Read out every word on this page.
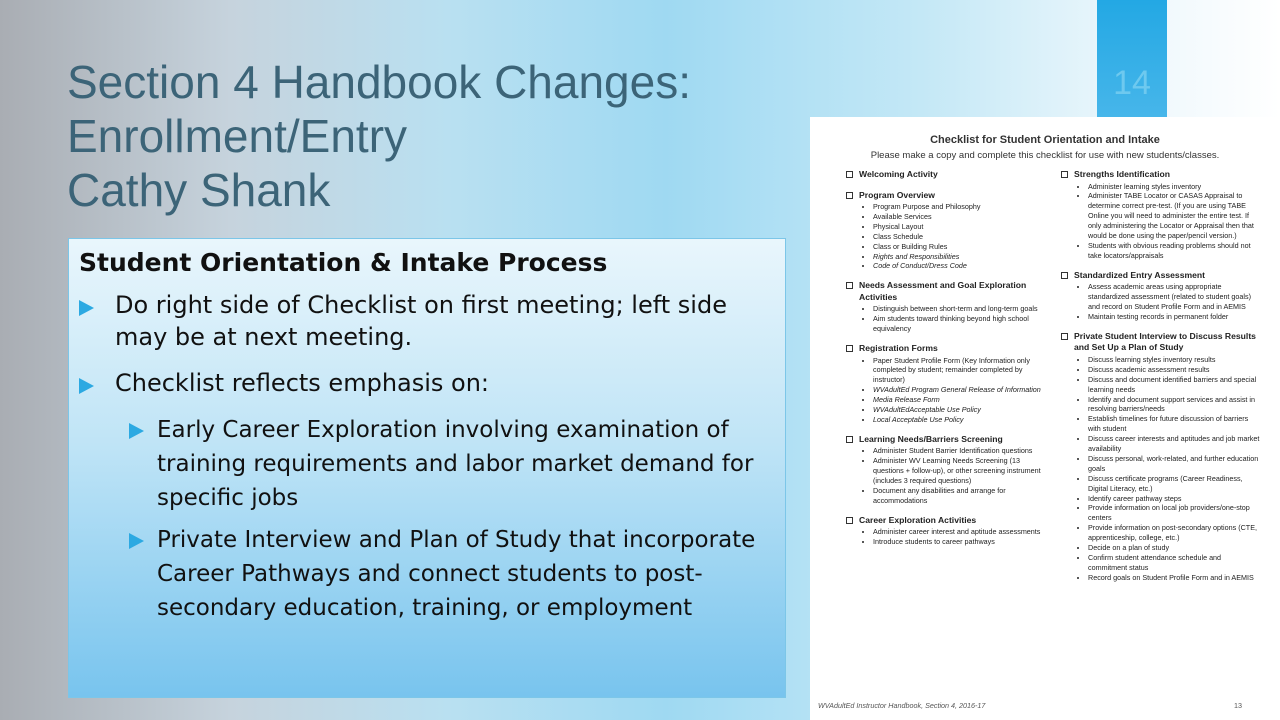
14
Section 4 Handbook Changes:
Enrollment/Entry
Cathy Shank
Student Orientation & Intake Process
Do right side of Checklist on first meeting; left side may be at next meeting.
Checklist reflects emphasis on:
Early Career Exploration involving examination of training requirements and labor market demand for specific jobs
Private Interview and Plan of Study that incorporate Career Pathways and connect students to post-secondary education, training, or employment
Checklist for Student Orientation and Intake
Please make a copy and complete this checklist for use with new students/classes.
Welcoming Activity
Program Overview
• Program Purpose and Philosophy
• Available Services
• Physical Layout
• Class Schedule
• Class or Building Rules
• Rights and Responsibilities
• Code of Conduct/Dress Code
Needs Assessment and Goal Exploration Activities
• Distinguish between short-term and long-term goals
• Aim students toward thinking beyond high school equivalency
Registration Forms
• Paper Student Profile Form (Key Information only completed by student; remainder completed by instructor)
• WVAdultEd Program General Release of Information
• Media Release Form
• WVAdultEdAcceptable Use Policy
• Local Acceptable Use Policy
Learning Needs/Barriers Screening
• Administer Student Barrier Identification questions
• Administer WV Learning Needs Screening (13 questions + follow-up), or other screening instrument (includes 3 required questions)
• Document any disabilities and arrange for accommodations
Career Exploration Activities
• Administer career interest and aptitude assessments
• Introduce students to career pathways
Strengths Identification
• Administer learning styles inventory
• Administer TABE Locator or CASAS Appraisal to determine correct pre-test. (If you are using TABE Online you will need to administer the entire test. If only administering the Locator or Appraisal then that would be done using the paper/pencil version.)
• Students with obvious reading problems should not take locators/appraisals
Standardized Entry Assessment
• Assess academic areas using appropriate standardized assessment (related to student goals) and record on Student Profile Form and in AEMIS
• Maintain testing records in permanent folder
Private Student Interview to Discuss Results and Set Up a Plan of Study
• Discuss learning styles inventory results
• Discuss academic assessment results
• Discuss and document identified barriers and special learning needs
• Identify and document support services and assist in resolving barriers/needs
• Establish timelines for future discussion of barriers with student
• Discuss career interests and aptitudes and job market availability
• Discuss personal, work-related, and further education goals
• Discuss certificate programs (Career Readiness, Digital Literacy, etc.)
• Identify career pathway steps
• Provide information on local job providers/one-stop centers
• Provide information on post-secondary options (CTE, apprenticeship, college, etc.)
• Decide on a plan of study
• Confirm student attendance schedule and commitment status
• Record goals on Student Profile Form and in AEMIS
WVAdultEd Instructor Handbook, Section 4, 2016-17	13
